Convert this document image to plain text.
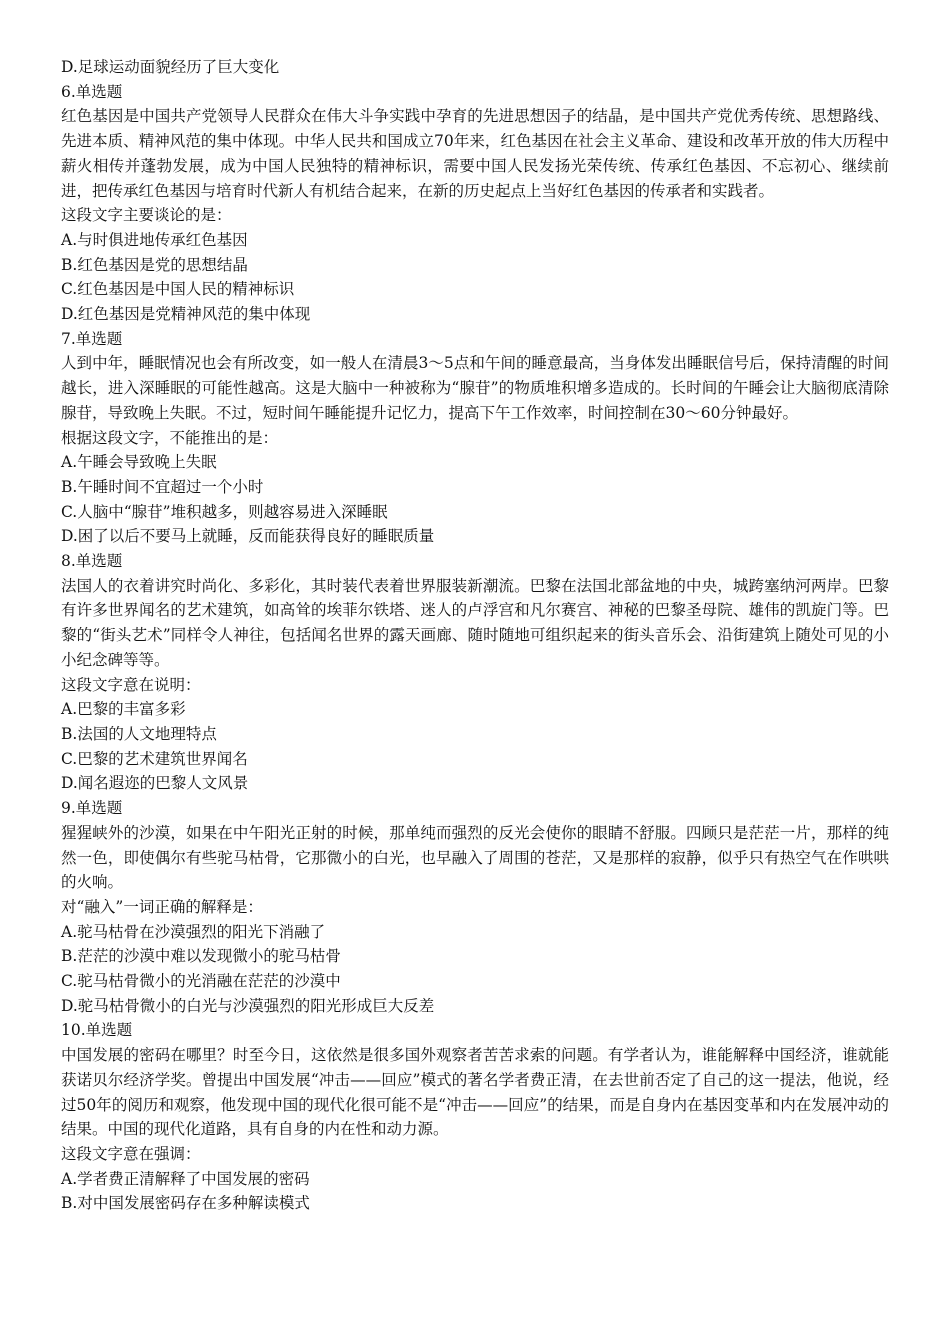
D.足球运动面貌经历了巨大变化
6.单选题
红色基因是中国共产党领导人民群众在伟大斗争实践中孕育的先进思想因子的结晶，是中国共产党优秀传统、思想路线、先进本质、精神风范的集中体现。中华人民共和国成立70年来，红色基因在社会主义革命、建设和改革开放的伟大历程中薪火相传并蓬勃发展，成为中国人民独特的精神标识，需要中国人民发扬光荣传统、传承红色基因、不忘初心、继续前进，把传承红色基因与培育时代新人有机结合起来，在新的历史起点上当好红色基因的传承者和实践者。
这段文字主要谈论的是：
A.与时俱进地传承红色基因
B.红色基因是党的思想结晶
C.红色基因是中国人民的精神标识
D.红色基因是党精神风范的集中体现
7.单选题
人到中年，睡眠情况也会有所改变，如一般人在清晨3～5点和午间的睡意最高，当身体发出睡眠信号后，保持清醒的时间越长，进入深睡眠的可能性越高。这是大脑中一种被称为“腺苷”的物质堆积增多造成的。长时间的午睡会让大脑彻底清除腺苷，导致晚上失眠。不过，短时间午睡能提升记忆力，提高下午工作效率，时间控制在30～60分钟最好。
根据这段文字，不能推出的是：
A.午睡会导致晚上失眠
B.午睡时间不宜超过一个小时
C.人脑中“腺苷”堆积越多，则越容易进入深睡眠
D.困了以后不要马上就睡，反而能获得良好的睡眠质量
8.单选题
法国人的衣着讲究时尚化、多彩化，其时装代表着世界服装新潮流。巴黎在法国北部盆地的中央，城跨塞纳河两岸。巴黎有许多世界闻名的艺术建筑，如高耸的埃菲尔铁塔、迷人的卢浮宫和凡尔赛宫、神秘的巴黎圣母院、雄伟的凯旋门等。巴黎的“街头艺术”同样令人神往，包括闻名世界的露天画廊、随时随地可组织起来的街头音乐会、沿街建筑上随处可见的小小纪念碑等等。
这段文字意在说明：
A.巴黎的丰富多彩
B.法国的人文地理特点
C.巴黎的艺术建筑世界闻名
D.闻名遐迩的巴黎人文风景
9.单选题
猩猩峡外的沙漠，如果在中午阳光正射的时候，那单纯而强烈的反光会使你的眼睛不舒服。四顾只是茫茫一片，那样的纯然一色，即使偶尔有些驼马枯骨，它那微小的白光，也早融入了周围的苍茫，又是那样的寂静，似乎只有热空气在作哄哄的火响。
对“融入”一词正确的解释是：
A.驼马枯骨在沙漠强烈的阳光下消融了
B.茫茫的沙漠中难以发现微小的驼马枯骨
C.驼马枯骨微小的光消融在茫茫的沙漠中
D.驼马枯骨微小的白光与沙漠强烈的阳光形成巨大反差
10.单选题
中国发展的密码在哪里？时至今日，这依然是很多国外观察者苦苦求索的问题。有学者认为，谁能解释中国经济，谁就能获诺贝尔经济学奖。曾提出中国发展“冲击——回应”模式的著名学者费正清，在去世前否定了自己的这一提法，他说，经过50年的阅历和观察，他发现中国的现代化很可能不是“冲击——回应”的结果，而是自身内在基因变革和内在发展冲动的结果。中国的现代化道路，具有自身的内在性和动力源。
这段文字意在强调：
A.学者费正清解释了中国发展的密码
B.对中国发展密码存在多种解读模式
